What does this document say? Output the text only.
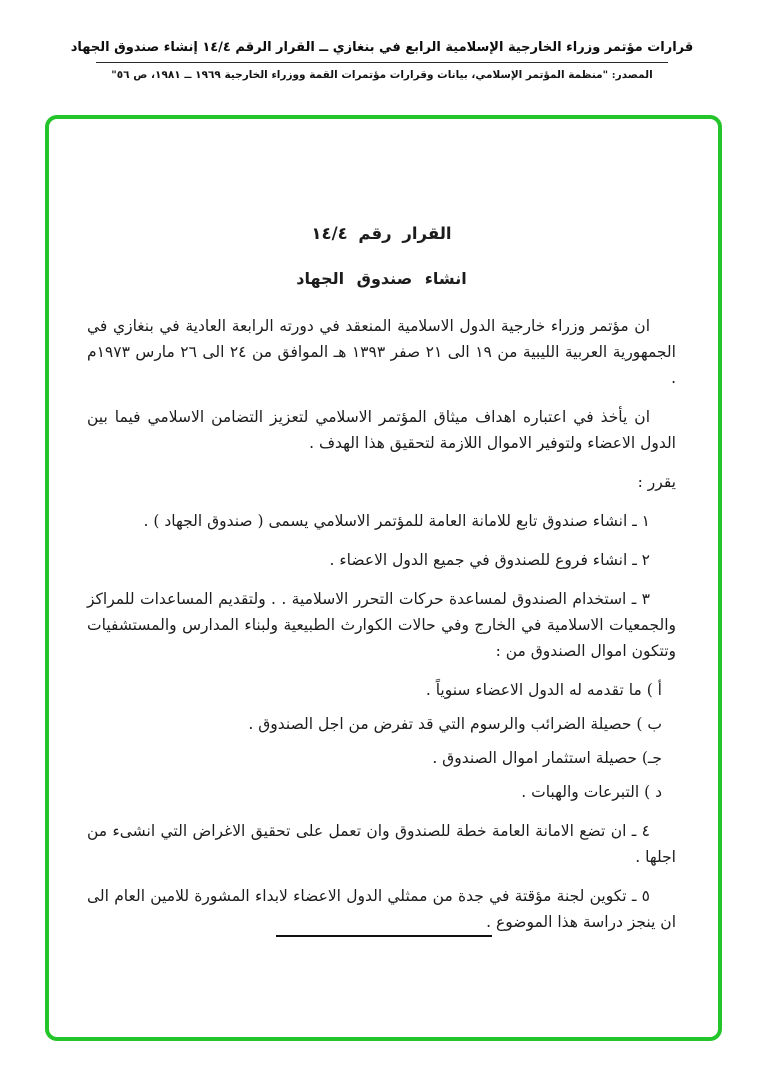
قرارات مؤتمر وزراء الخارجية الإسلامية الرابع في بنغازي ــ القرار الرقم ١٤/٤ إنشاء صندوق الجهاد
المصدر: "منظمة المؤتمر الإسلامي، بيانات وقرارات مؤتمرات القمة ووزراء الخارجية ١٩٦٩ ــ ١٩٨١، ص ٥٦"
القرار رقم ١٤/٤
انشاء صندوق الجهاد

ان مؤتمر وزراء خارجية الدول الاسلامية المنعقد في دورته الرابعة العادية في بنغازي في الجمهورية العربية الليبية من ١٩ الى ٢١ صفر ١٣٩٣ هـ الموافق من ٢٤ الى ٢٦ مارس ١٩٧٣م .

ان يأخذ في اعتباره اهداف ميثاق المؤتمر الاسلامي لتعزيز التضامن الاسلامي فيما بين الدول الاعضاء ولتوفير الاموال اللازمة لتحقيق هذا الهدف .

يقرر :

١ ـ انشاء صندوق تابع للامانة العامة للمؤتمر الاسلامي يسمى ( صندوق الجهاد ) .

٢ ـ انشاء فروع للصندوق في جميع الدول الاعضاء .

٣ ـ استخدام الصندوق لمساعدة حركات التحرر الاسلامية . . ولتقديم المساعدات للمراكز والجمعيات الاسلامية في الخارج وفي حالات الكوارث الطبيعية ولبناء المدارس والمستشفيات وتتكون اموال الصندوق من :

أ ) ما تقدمه له الدول الاعضاء سنوياً .

ب ) حصيلة الضرائب والرسوم التي قد تفرض من اجل الصندوق .

جـ) حصيلة استثمار اموال الصندوق .

د ) التبرعات والهبات .

٤ ـ ان تضع الامانة العامة خطة للصندوق وان تعمل على تحقيق الاغراض التي انشىء من اجلها .

٥ ـ تكوين لجنة مؤقتة في جدة من ممثلي الدول الاعضاء لابداء المشورة للامين العام الى ان ينجز دراسة هذا الموضوع .
